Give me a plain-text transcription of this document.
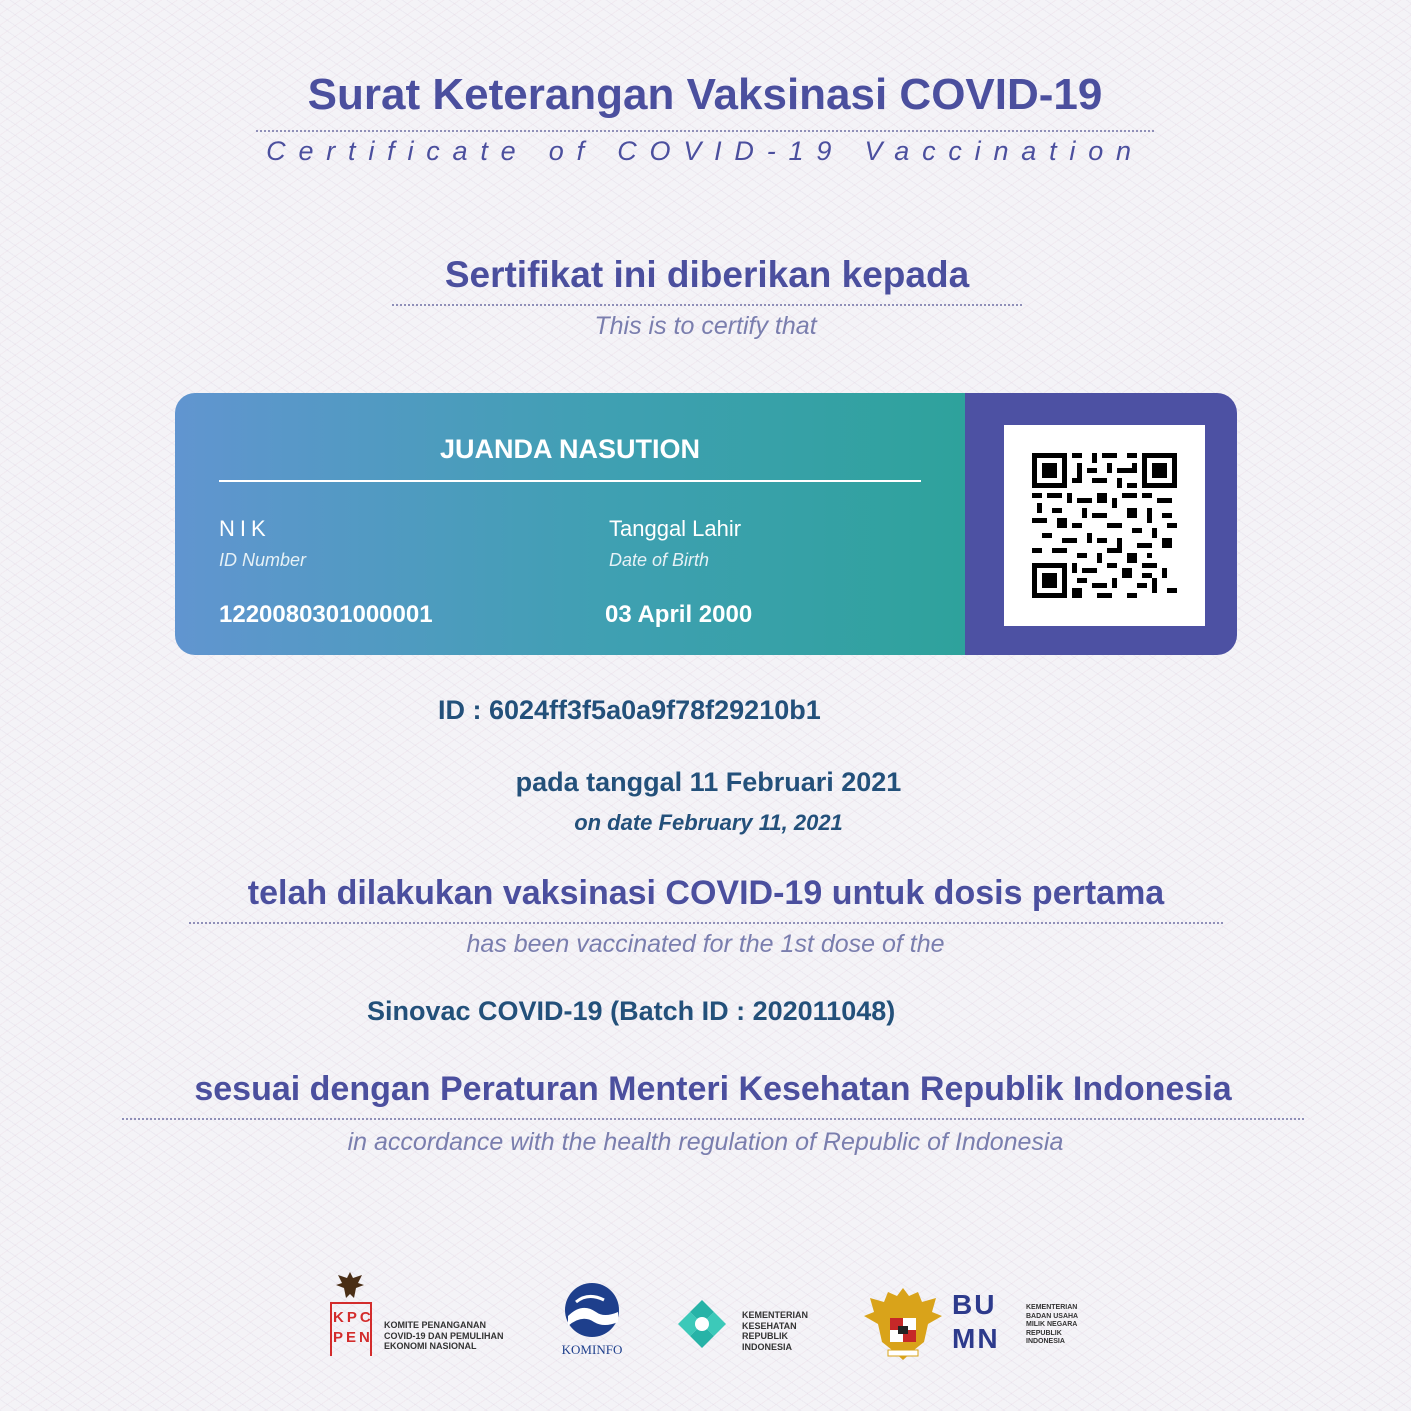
Surat Keterangan Vaksinasi COVID-19
Certificate of COVID-19 Vaccination
Sertifikat ini diberikan kepada
This is to certify that
JUANDA NASUTION
NIK
ID Number
1220080301000001
Tanggal Lahir
Date of Birth
03 April 2000
ID : 6024ff3f5a0a9f78f29210b1
pada tanggal 11 Februari 2021
on date February 11, 2021
telah dilakukan vaksinasi COVID-19 untuk dosis pertama
has been vaccinated for the 1st dose of the
Sinovac COVID-19 (Batch ID : 202011048)
sesuai dengan Peraturan Menteri Kesehatan Republik Indonesia
in accordance with the health regulation of Republic of Indonesia
KPC PEN
KOMITE PENANGANAN
COVID-19 DAN PEMULIHAN
EKONOMI NASIONAL	KOMINFO
KEMENTERIAN
KESEHATAN
REPUBLIK
INDONESIA
BUMN
KEMENTERIAN
BADAN USAHA
MILIK NEGARA
REPUBLIK
INDONESIA
